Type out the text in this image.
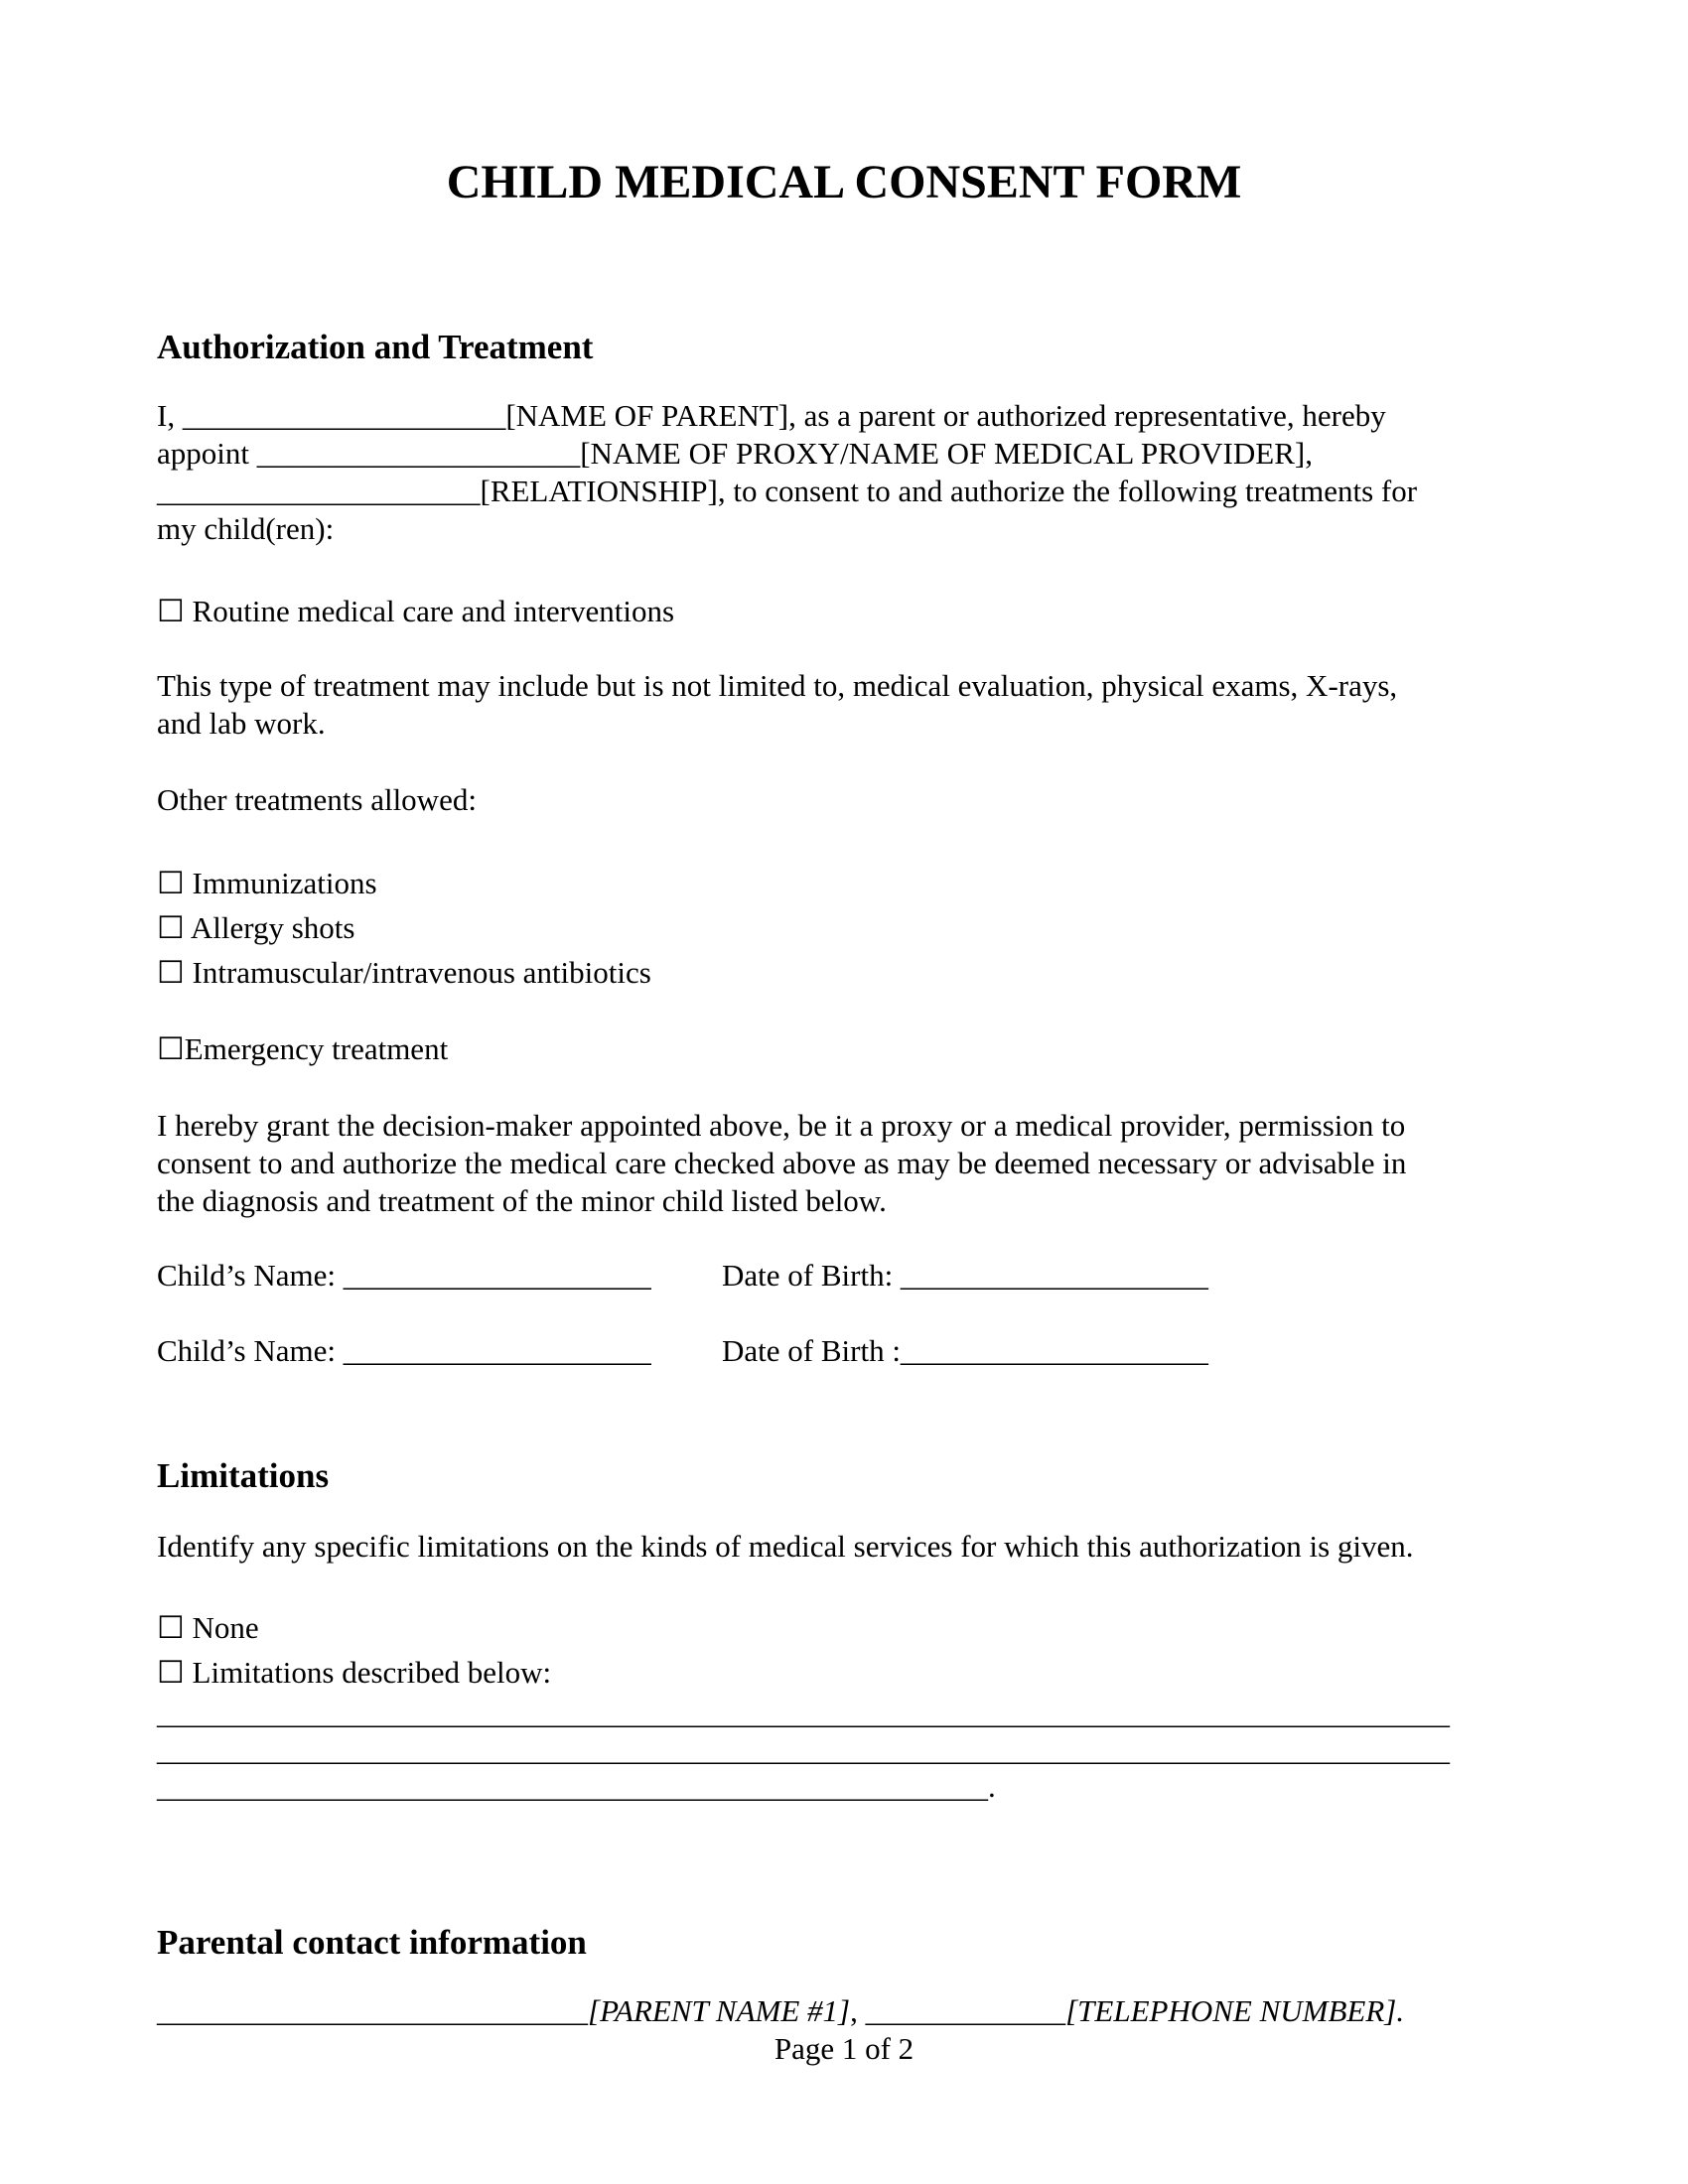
CHILD MEDICAL CONSENT FORM
Authorization and Treatment

I, _____________________[NAME OF PARENT], as a parent or authorized representative, hereby

appoint _____________________[NAME OF PROXY/NAME OF MEDICAL PROVIDER],

_____________________[RELATIONSHIP], to consent to and authorize the following treatments for

my child(ren):

☐ Routine medical care and interventions

This type of treatment may include but is not limited to, medical evaluation, physical exams, X-rays,

and lab work.

Other treatments allowed:
☐ Immunizations
☐ Allergy shots
☐ Intramuscular/intravenous antibiotics
☐Emergency treatment

I hereby grant the decision-maker appointed above, be it a proxy or a medical provider, permission to

consent to and authorize the medical care checked above as may be deemed necessary or advisable in

the diagnosis and treatment of the minor child listed below.

Child’s Name: ____________________ Date of Birth: ____________________
Child’s Name: ____________________ Date of Birth :____________________
Limitations
Identify any specific limitations on the kinds of medical services for which this authorization is given.
☐ None
☐ Limitations described below:
____________________________________________________________________________________
____________________________________________________________________________________
______________________________________________________.
Parental contact information
____________________________[PARENT NAME #1], _____________[TELEPHONE NUMBER].
Page 1 of 2
